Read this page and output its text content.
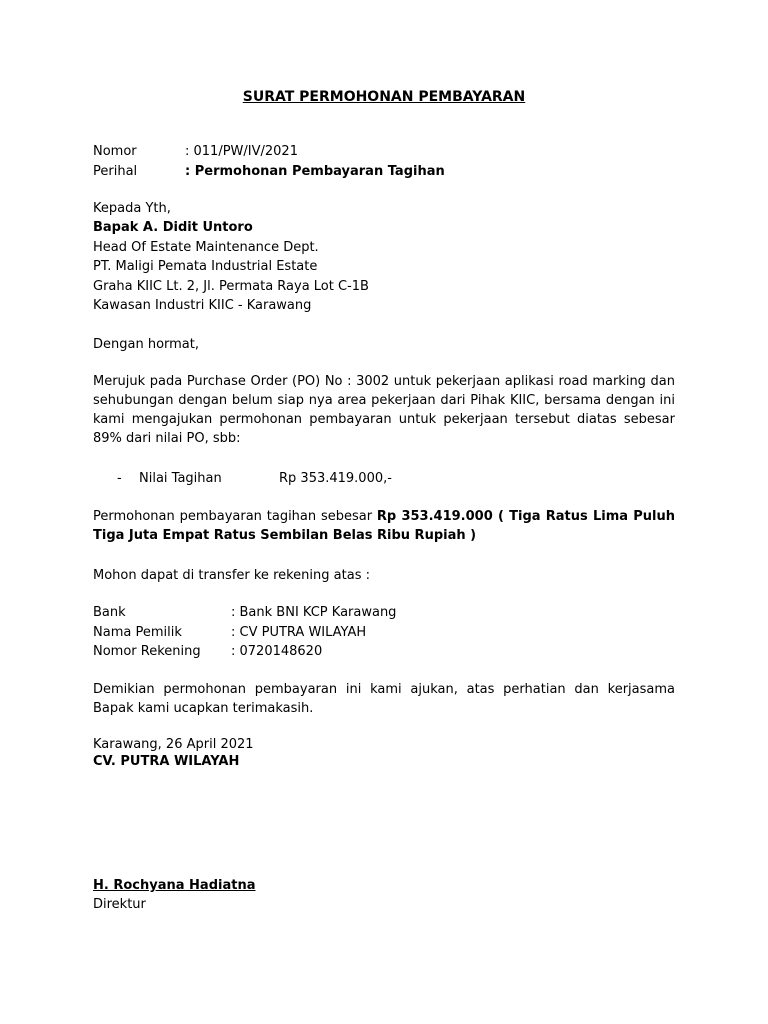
SURAT PERMOHONAN PEMBAYARAN
Nomor	: 011/PW/IV/2021
Perihal	: Permohonan Pembayaran Tagihan
Kepada Yth,
Bapak A. Didit Untoro
Head Of Estate Maintenance Dept.
PT. Maligi Pemata Industrial Estate
Graha KIIC Lt. 2, Jl. Permata Raya Lot C-1B
Kawasan Industri KIIC - Karawang
Dengan hormat,
Merujuk pada Purchase Order (PO) No : 3002 untuk pekerjaan aplikasi road marking dan sehubungan dengan belum siap nya area pekerjaan dari Pihak KIIC, bersama dengan ini kami mengajukan permohonan pembayaran untuk pekerjaan tersebut diatas sebesar 89% dari nilai PO, sbb:
- Nilai Tagihan	Rp 353.419.000,-
Permohonan pembayaran tagihan sebesar Rp 353.419.000 ( Tiga Ratus Lima Puluh Tiga Juta Empat Ratus Sembilan Belas Ribu Rupiah )
Mohon dapat di transfer ke rekening atas :
Bank	: Bank BNI KCP Karawang
Nama Pemilik	: CV PUTRA WILAYAH
Nomor Rekening : 0720148620
Demikian permohonan pembayaran ini kami ajukan, atas perhatian dan kerjasama Bapak kami ucapkan terimakasih.
Karawang, 26 April 2021
CV. PUTRA WILAYAH
H. Rochyana Hadiatna
Direktur
